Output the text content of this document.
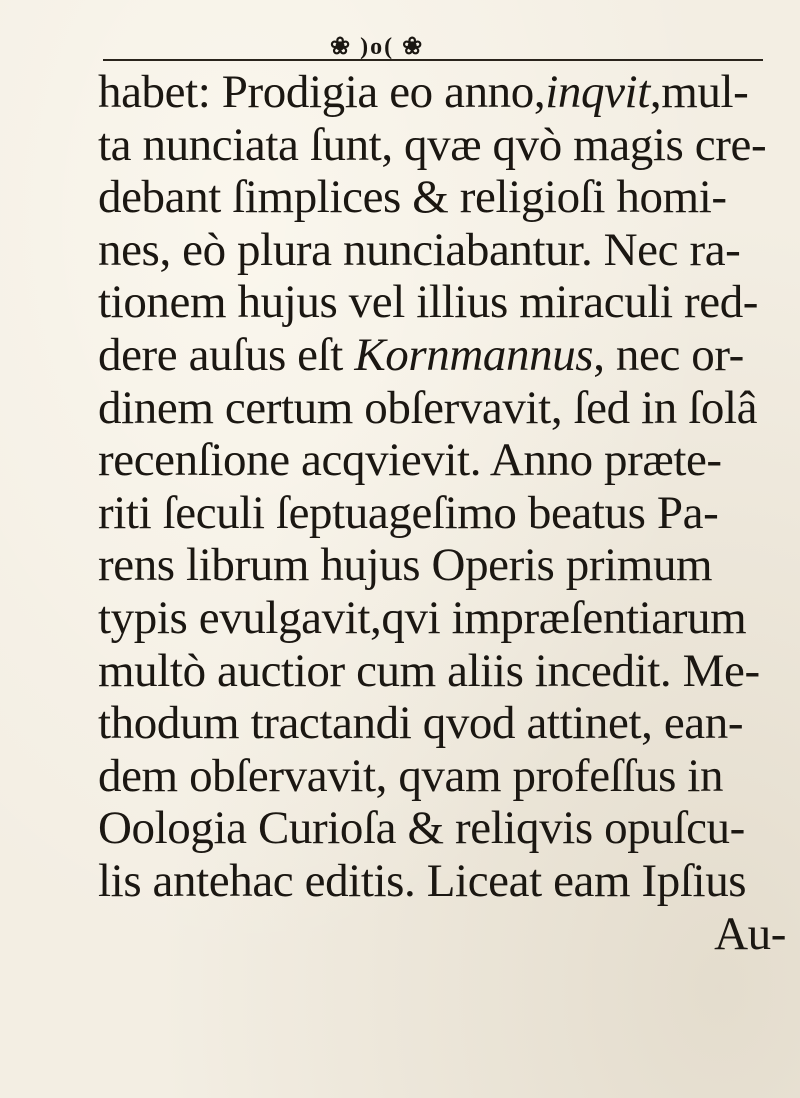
❀ )o( ❀
habet: Prodigia eo anno,inqvit,mul-
ta nunciata ſunt, qvæ qvò magis cre-
debant ſimplices & religioſi homi-
nes, eò plura nunciabantur. Nec ra-
tionem hujus vel illius miraculi red-
dere auſus eſt Kornmannus, nec or-
dinem certum obſervavit, ſed in ſolâ
recenſione acqvievit. Anno præte-
riti ſeculi ſeptuageſimo beatus Pa-
rens librum hujus Operis primum
typis evulgavit,qvi impræſentiarum
multò auctior cum aliis incedit. Me-
thodum tractandi qvod attinet, ean-
dem obſervavit, qvam profeſſus in
Oologia Curioſa & reliqvis opuſcu-
lis antehac editis. Liceat eam Ipſius
Au-
